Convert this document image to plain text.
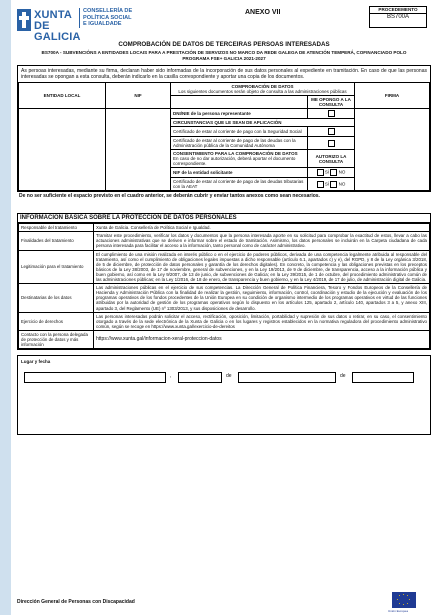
XUNTA
DE GALICIA
CONSELLERÍA DE
POLÍTICA SOCIAL
E IGUALDADE
ANEXO VII	PROCEDEMENTO
BS700A
COMPROBACIÓN DE DATOS DE TERCEIRAS PERSOAS INTERESADAS
BS700A - SUBVENCIÓNS A ENTIDADES LOCAIS PARA A PRESTACIÓN DE SERVIZOS NO MARCO DA REDE GALEGA DE ATENCIÓN TEMPERÁ, COFINANCIADO POLO PROGRAMA FSE+ GALICIA 2021-2027
As persoas interesadas, mediante su firma, declaran haber sido informadas de la incorporación de sus datos personales al expediente en tramitación. En caso de que las personas interesadas se opongan a esta consulta, deberán indicarlo en la casilla correspondiente y aportar una copia de los documentos.
ENTIDAD LOCAL	NIF	COMPROBACIÓN DE DATOS
Los siguientes documentos serán objeto de consulta a las administraciones públicas		FIRMA
			ME OPONGO A LA CONSULTA	
		DNI/NIE de la persona representante		
		CIRCUNSTANCIAS QUE LE SEAN DE APLICACIÓN		
		Certificado de estar al corriente de pago con la Seguridad Social		
		Certificado de estar al corriente de pago de las deudas con la Administración pública de la Comunidad Autónoma		

		CONSENTIMIENTO PARA LA COMPROBACIÓN DE DATOS
En caso de no dar autorización, deberá aportar el documento correspondiente.	AUTORIZO LA CONSULTA	
		NIF de la entidad solicitante	SÍ NO	
		Certificado de estar al corriente de pago de las deudas tributarias con la AEAT	SÍ NO	
De no ser suficiente el espacio previsto en el cuadro anterior, se deberán cubrir y enviar tantos anexos como sean necesarios.
INFORMACIÓN BÁSICA SOBRE LA PROTECCIÓN DE DATOS PERSONALES
Responsable del tratamiento	Xunta de Galicia. Consellería de Política Social e Igualdad.
Finalidades del tratamiento	Tramitar este procedimiento, verificar los datos y documentos que la persona interesada aporte en su solicitud para comprobar la exactitud de estos, llevar a cabo las actuaciones administrativas que se deriven e informar sobre el estado de tramitación. Asimismo, los datos personales se incluirán en la Carpeta ciudadana de cada persona interesada para facilitar el acceso a la información, tanto personal como de carácter administrativo.
Legitimación para el tratamiento	El cumplimiento de una misión realizada en interés público o en el ejercicio de poderes públicos, derivada de una competencia legalmente atribuida al responsable del tratamiento, así como el cumplimiento de obligaciones legales impuestas a dicho responsable (artículo 6.1, apartados c) y e), del RGPD, y 8 de la Ley orgánica 3/2018, de 5 de diciembre, de protección de datos personales y garantía de los derechos digitales). En concreto, la competencia y las obligaciones previstas en los preceptos básicos de la Ley 38/2003, de 17 de noviembre, general de subvenciones, y en la Ley 19/2013, de 9 de diciembre, de transparencia, acceso a la información pública y buen gobierno, así como en la Ley 9/2007, de 13 de junio, de subvenciones de Galicia; en la Ley 39/2015, de 1 de octubre, del procedimiento administrativo común de las administraciones públicas; en la Ley 1/2016, de 18 de enero, de transparencia y buen gobierno, y en la Ley 4/2019, de 17 de julio, de administración digital de Galicia.
Destinatarias de los datos	Las administraciones públicas en el ejercicio de sus competencias. La Dirección General de Política Financiera, Tesoro y Fondos Europeos de la Consellería de Hacienda y Administración Pública con la finalidad de realizar la gestión, seguimiento, información, control, coordinación y estudio de la ejecución y evaluación de los programas operativos de los fondos procedentes de la Unión Europea en su condición de organismo intermedio de los programas operativos en virtud de las funciones atribuidas por la autoridad de gestión de los programas operativos según lo dispuesto en los artículos 125, apartado 2, artículo 140, apartados 3 a 5, y anexo XIII, apartado 3, del Reglamento (UE) nº 1303/2013, y sus disposiciones de desarrollo.
Ejercicio de derechos	Las personas interesadas podrán solicitar el acceso, rectificación, oposición, limitación, portabilidad y supresión de sus datos o retirar, en su caso, el consentimiento otorgado a través de la sede electrónica de la Xunta de Galicia o en los lugares y registros establecidos en la normativa reguladora del procedimiento administrativo común, según se recoge en https://www.xunta.gal/exercicio-de-dereitos
Contacto con la persona delegada de protección de datos y más información	https://www.xunta.gal/informacion-xeral-proteccion-datos
Lugar y fecha
,	de	de
Dirección General de Personas con Discapacidad
Unión Europea
